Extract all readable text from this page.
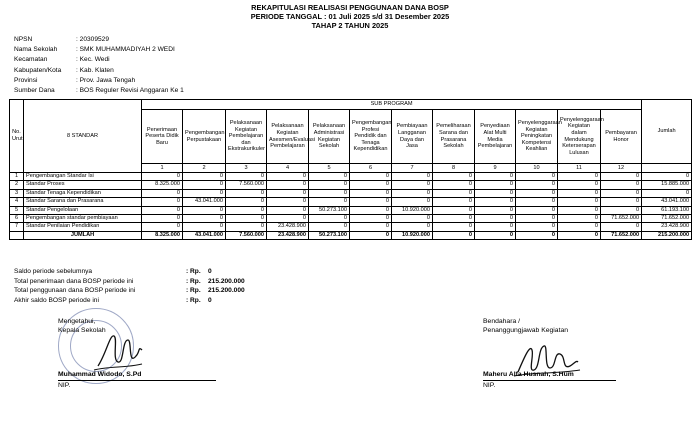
REKAPITULASI REALISASI PENGGUNAAN DANA BOSP
PERIODE TANGGAL : 01 Juli 2025 s/d 31 Desember 2025
TAHAP 2 TAHUN 2025
NPSN	: 20309529
Nama Sekolah	: SMK MUHAMMADIYAH 2 WEDI
Kecamatan	: Kec. Wedi
Kabupaten/Kota	: Kab. Klaten
Provinsi	: Prov. Jawa Tengah
Sumber Dana	: BOS Reguler Revisi Anggaran Ke 1
No. Urut	8 STANDAR	SUB PROGRAM												Jumlah
		Penerimaan Peserta Didik Baru	Pengembangan Perpustakaan	Pelaksanaan Kegiatan Pembelajaran dan Ekstrakurikuler	Pelaksanaan Kegiatan Asesmen/Evaluasi Pembelajaran	Pelaksanaan Administrasi Kegiatan Sekolah	Pengembangan Profesi Pendidik dan Tenaga Kependidikan	Pembiayaan Langganan Daya dan Jasa	Pemeliharaan Sarana dan Prasarana Sekolah	Penyediaan Alat Multi Media Pembelajaran	Penyelenggaraan Kegiatan Peningkatan Kompetensi Keahlian	Penyelenggaraan Kegiatan dalam Mendukung Keterserapan Lulusan	Pembayaran Honor	
		1	2	3	4	5	6	7	8	9	10	11	12	
1	Pengembangan Standar Isi	0	0	0	0	0	0	0	0	0	0	0	0	0
2	Standar Proses	8.325.000	0	7.560.000	0	0	0	0	0	0	0	0	0	15.885.000
3	Standar Tenaga Kependidikan	0	0	0	0	0	0	0	0	0	0	0	0	0
4	Standar Sarana dan Prasarana	0	43.041.000	0	0	0	0	0	0	0	0	0	0	43.041.000
5	Standar Pengelolaan	0	0	0	0	50.273.100	0	10.920.000	0	0	0	0	0	61.193.100
6	Pengembangan standar pembiayaan	0	0	0	0	0	0	0	0	0	0	0	71.652.000	71.652.000
7	Standar Penilaian Pendidikan	0	0	0	23.428.900	0	0	0	0	0	0	0	0	23.428.900
	JUMLAH	8.325.000	43.041.000	7.560.000	23.428.900	50.273.100	0	10.920.000	0	0	0	0	71.652.000	215.200.000
Saldo periode sebelumnya	: Rp. 0
Total penerimaan dana BOSP periode ini	: Rp. 215.200.000
Total penggunaan dana BOSP periode ini	: Rp. 215.200.000
Akhir saldo BOSP periode ini	: Rp. 0
Mengetahui,
Kepala Sekolah
Muhammad Widodo, S.Pd
NIP.
Bendahara /
Penanggungjawab Kegiatan
Maheru Alfa Husnah, S.Hum
NIP.
